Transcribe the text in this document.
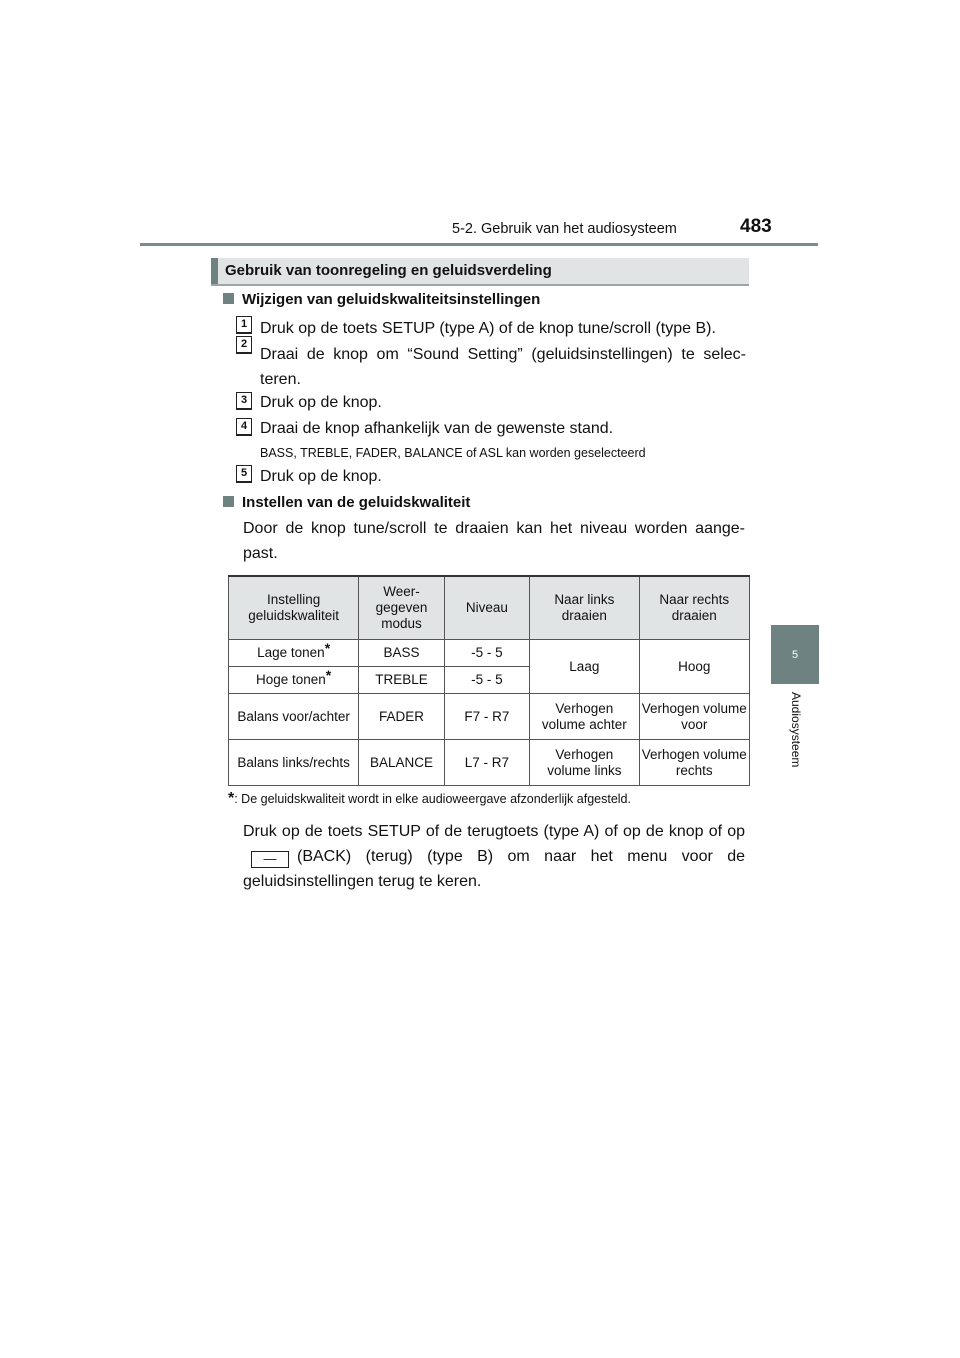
5-2. Gebruik van het audiosysteem	483
5
Audiosysteem
Gebruik van toonregeling en geluidsverdeling
Wijzigen van geluidskwaliteitsinstellingen
1 Druk op de toets SETUP (type A) of de knop tune/scroll (type B).
2
Draai de knop om “Sound Setting” (geluidsinstellingen) te selec-teren.
3 Druk op de knop.
4 Draai de knop afhankelijk van de gewenste stand.
BASS, TREBLE, FADER, BALANCE of ASL kan worden geselecteerd
5 Druk op de knop.
Instellen van de geluidskwaliteit
Door de knop tune/scroll te draaien kan het niveau worden aange-past.
Instelling geluidskwaliteit	Weer-gegeven modus	Niveau	Naar links draaien	Naar rechts draaien
Lage tonen*	BASS	-5 - 5	Laag	Hoog
Hoge tonen*	TREBLE	-5 - 5		
Balans voor/achter	FADER	F7 - R7	Verhogen volume achter	Verhogen volume voor
Balans links/rechts	BALANCE	L7 - R7	Verhogen volume links	Verhogen volume rechts
*: De geluidskwaliteit wordt in elke audioweergave afzonderlijk afgesteld.
Druk op de toets SETUP of de terugtoets (type A) of op de knop of op— (BACK) (terug) (type B) om naar het menu voor de geluidsinstellingen terug te keren.
